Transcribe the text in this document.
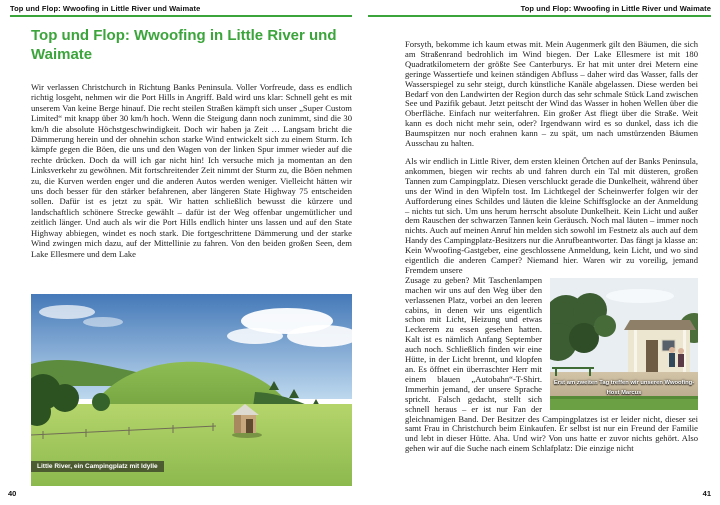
Top und Flop: Wwoofing in Little River und Waimate	Top und Flop: Wwoofing in Little River und Waimate
Top und Flop: Wwoofing in Little River und Waimate

Wir verlassen Christchurch in Richtung Banks Peninsula. Voller Vorfreude, dass es endlich richtig losgeht, nehmen wir die Port Hills in Angriff. Bald wird uns klar: Schnell geht es mit unserem Van keine Berge hinauf. Die recht steilen Straßen kämpft sich unser „Super Custom Limited“ mit knapp über 30 km/h hoch. Wenn die Steigung dann noch zunimmt, sind die 30 km/h die absolute Höchstgeschwindigkeit. Doch wir haben ja Zeit … Langsam bricht die Dämmerung herein und der ohnehin schon starke Wind entwickelt sich zu einem Sturm. Ich kämpfe gegen die Böen, die uns und den Wagen von der linken Spur immer wieder auf die rechte drücken. Doch da will ich gar nicht hin! Ich versuche mich ja momentan an den Linksverkehr zu gewöhnen. Mit fortschreitender Zeit nimmt der Sturm zu, die Böen nehmen zu, die Kurven werden enger und die anderen Autos werden weniger. Vielleicht hätten wir uns doch besser für den stärker befahrenen, aber längeren State Highway 75 entscheiden sollen. Dafür ist es jetzt zu spät. Wir hatten schließlich bewusst die kürzere und landschaftlich schönere Strecke gewählt – dafür ist der Weg offenbar ungemütlicher und zeitlich länger. Und auch als wir die Port Hills endlich hinter uns lassen und auf den State Highway abbiegen, windet es noch stark. Die fortgeschrittene Dämmerung und der starke Wind zwingen mich dazu, auf der Mittellinie zu fahren. Von den beiden großen Seen, dem Lake Ellesmere und dem Lake

Little River, ein Campingplatz mit Idylle
40

Forsyth, bekomme ich kaum etwas mit. Mein Augenmerk gilt den Bäumen, die sich am Straßenrand bedrohlich im Wind biegen. Der Lake Ellesmere ist mit 180 Quadratkilometern der größte See Canterburys. Er hat mit unter drei Metern eine geringe Wassertiefe und keinen ständigen Abfluss – daher wird das Wasser, falls der Wasserspiegel zu sehr steigt, durch künstliche Kanäle abgelassen. Diese werden bei Bedarf von den Landwirten der Region durch das sehr schmale Stück Land zwischen See und Pazifik gebaut. Jetzt peitscht der Wind das Wasser in hohen Wellen über die Oberfläche. Einfach nur weiterfahren. Ein großer Ast fliegt über die Straße. Weit kann es doch nicht mehr sein, oder? Irgendwann wird es so dunkel, dass ich die Baumspitzen nur noch erahnen kann – zu spät, um nach umstürzenden Bäumen Ausschau zu halten.

Als wir endlich in Little River, dem ersten kleinen Örtchen auf der Banks Peninsula, ankommen, biegen wir rechts ab und fahren durch ein Tal mit düsteren, großen Tannen zum Campingplatz. Diesen verschluckt gerade die Dunkelheit, während über uns der Wind in den Wipfeln tost. Im Lichtkegel der Scheinwerfer folgen wir der Aufforderung eines Schildes und läuten die kleine Schiffsglocke an der Anmeldung – nichts tut sich. Um uns herum herrscht absolute Dunkelheit. Kein Licht und außer dem Rauschen der schwarzen Tannen kein Geräusch. Noch mal läuten – immer noch nichts. Auch auf meinen Anruf hin melden sich sowohl im Festnetz als auch auf dem Handy des Campingplatz-Besitzers nur die Anrufbeantworter. Das fängt ja klasse an: Kein Wwoofing-Gastgeber, eine geschlossene Anmeldung, kein Licht, und wo sind eigentlich die anderen Camper? Niemand hier. Waren wir zu voreilig, jemand Fremdem unsere

Erst am zweiten Tag treffen wir unseren Wwoofing-Host Marcus
Zusage zu geben? Mit Taschenlampen machen wir uns auf den Weg über den verlassenen Platz, vorbei an den leeren cabins, in denen wir uns eigentlich schon mit Licht, Heizung und etwas Leckerem zu essen gesehen hatten. Kalt ist es nämlich Anfang September auch noch. Schließlich finden wir eine Hütte, in der Licht brennt, und klopfen an. Es öffnet ein überraschter Herr mit einem blauen „Autobahn“-T-Shirt. Immerhin jemand, der unsere Sprache spricht. Falsch gedacht, stellt sich schnell heraus – er ist nur Fan der gleichnamigen Band. Der Besitzer des Campingplatzes ist er leider nicht, dieser sei samt Frau in Christchurch beim Einkaufen. Er selbst ist nur ein Freund der Familie und lebt in dieser Hütte. Aha. Und wir? Von uns hatte er zuvor nichts gehört. Also gehen wir auf die Suche nach einem Schlafplatz: Die einzige nicht

41
